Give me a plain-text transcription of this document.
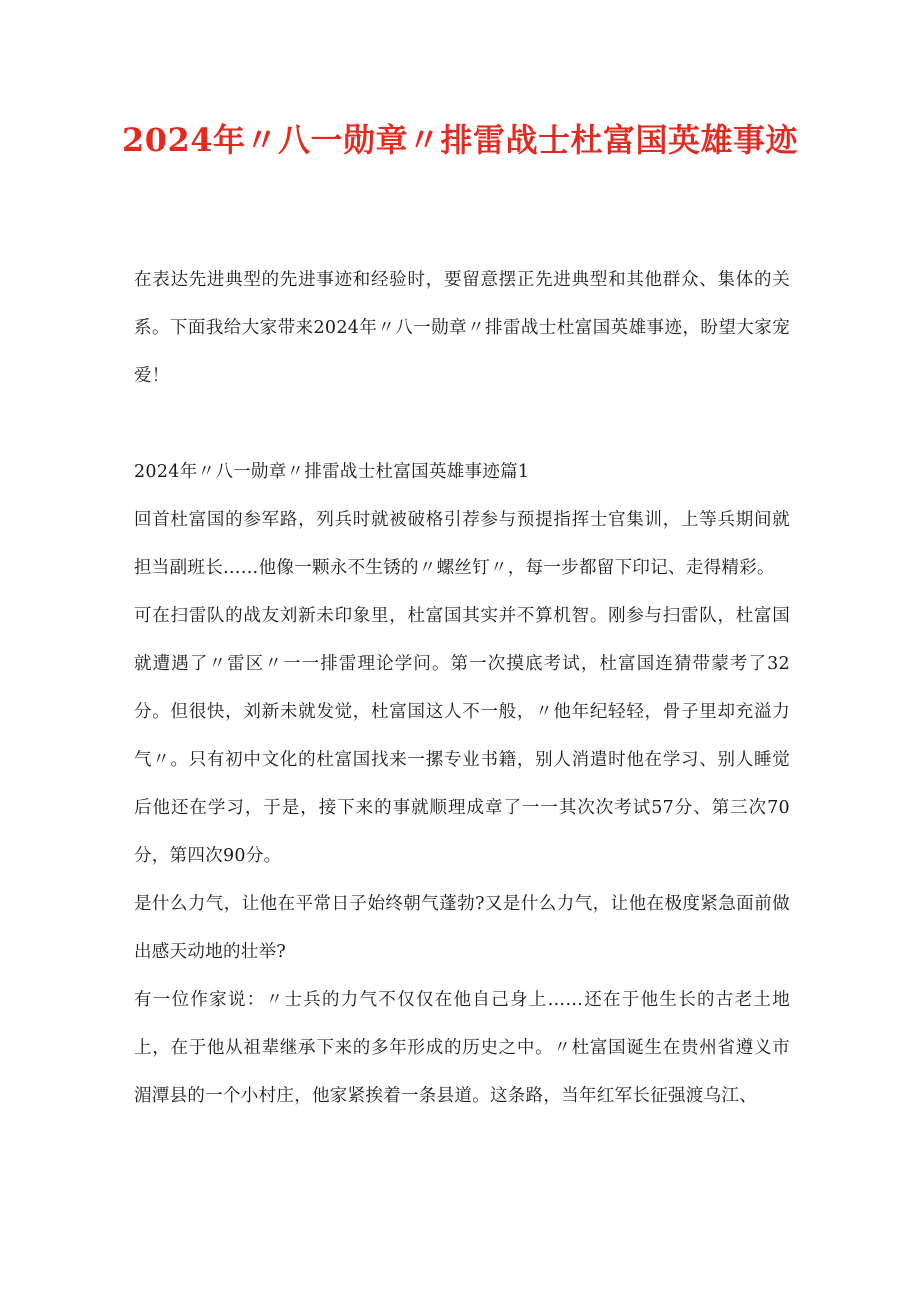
2024年〃八一勋章〃排雷战士杜富国英雄事迹

在表达先进典型的先进事迹和经验时，要留意摆正先进典型和其他群众、集体的关系。下面我给大家带来2024年〃八一勋章〃排雷战士杜富国英雄事迹，盼望大家宠爱！

2024年〃八一勋章〃排雷战士杜富国英雄事迹篇1

回首杜富国的参军路，列兵时就被破格引荐参与预提指挥士官集训，上等兵期间就担当副班长……他像一颗永不生锈的〃螺丝钉〃，每一步都留下印记、走得精彩。

可在扫雷队的战友刘新未印象里，杜富国其实并不算机智。刚参与扫雷队，杜富国就遭遇了〃雷区〃一一排雷理论学问。第一次摸底考试，杜富国连猜带蒙考了32分。但很快，刘新未就发觉，杜富国这人不一般，〃他年纪轻轻，骨子里却充溢力气〃。只有初中文化的杜富国找来一摞专业书籍，别人消遣时他在学习、别人睡觉后他还在学习，于是，接下来的事就顺理成章了一一其次次考试57分、第三次70分，第四次90分。

是什么力气，让他在平常日子始终朝气蓬勃?又是什么力气，让他在极度紧急面前做出感天动地的壮举?

有一位作家说：〃士兵的力气不仅仅在他自己身上……还在于他生长的古老土地上，在于他从祖辈继承下来的多年形成的历史之中。〃杜富国诞生在贵州省遵义市湄潭县的一个小村庄，他家紧挨着一条县道。这条路，当年红军长征强渡乌江、
